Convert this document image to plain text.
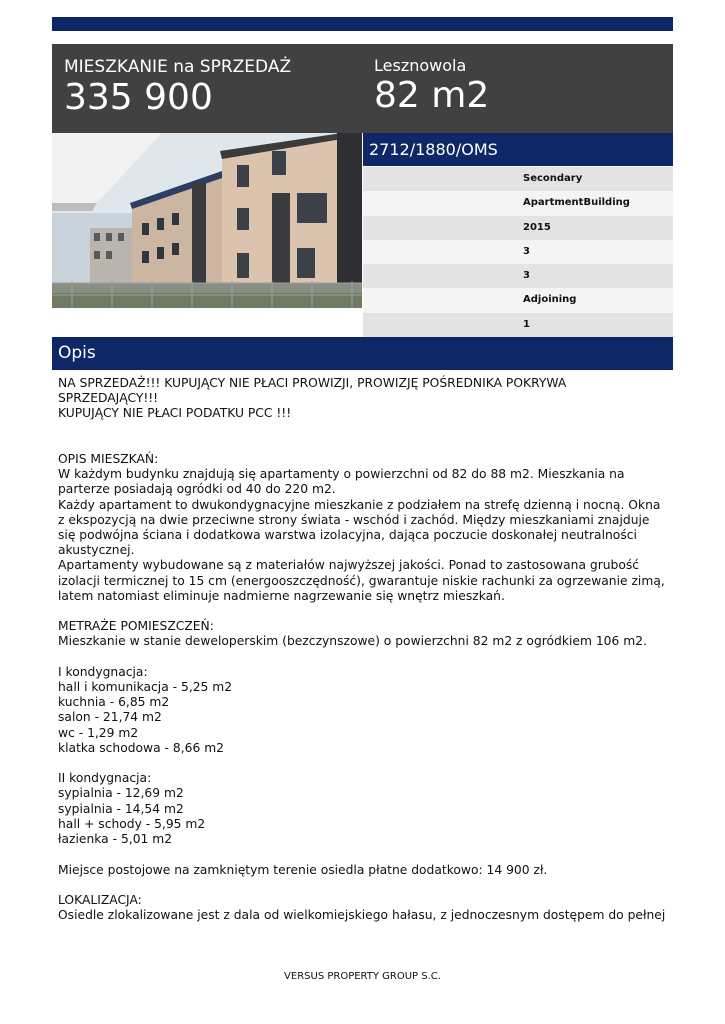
MIESZKANIE na SPRZEDAŻ
335 900
Lesznowola
82 m2
2712/1880/OMS
Secondary
ApartmentBuilding
2015
3
3
Adjoining
1
Opis

NA SPRZEDAŻ!!! KUPUJĄCY NIE PŁACI PROWIZJI, PROWIZJĘ POŚREDNIKA POKRYWA SPRZEDAJĄCY!!!
KUPUJĄCY NIE PŁACI PODATKU PCC !!!

OPIS MIESZKAŃ:
W każdym budynku znajdują się apartamenty o powierzchni od 82 do 88 m2. Mieszkania na parterze posiadają ogródki od 40 do 220 m2.
Każdy apartament to dwukondygnacyjne mieszkanie z podziałem na strefę dzienną i nocną. Okna z ekspozycją na dwie przeciwne strony świata - wschód i zachód. Między mieszkaniami znajduje się podwójna ściana i dodatkowa warstwa izolacyjna, dająca poczucie doskonałej neutralności akustycznej.
Apartamenty wybudowane są z materiałów najwyższej jakości. Ponad to zastosowana grubość izolacji termicznej to 15 cm (energooszczędność), gwarantuje niskie rachunki za ogrzewanie zimą, latem natomiast eliminuje nadmierne nagrzewanie się wnętrz mieszkań.

METRAŻE POMIESZCZEŃ:
Mieszkanie w stanie deweloperskim (bezczynszowe) o powierzchni 82 m2 z ogródkiem 106 m2.

I kondygnacja:
hall i komunikacja - 5,25 m2
kuchnia - 6,85 m2
salon - 21,74 m2
wc - 1,29 m2
klatka schodowa - 8,66 m2

II kondygnacja:
sypialnia - 12,69 m2
sypialnia - 14,54 m2
hall + schody - 5,95 m2
łazienka - 5,01 m2

Miejsce postojowe na zamkniętym terenie osiedla płatne dodatkowo: 14 900 zł.

LOKALIZACJA:
Osiedle zlokalizowane jest z dala od wielkomiejskiego hałasu, z jednoczesnym dostępem do pełnej

VERSUS PROPERTY GROUP S.C.
